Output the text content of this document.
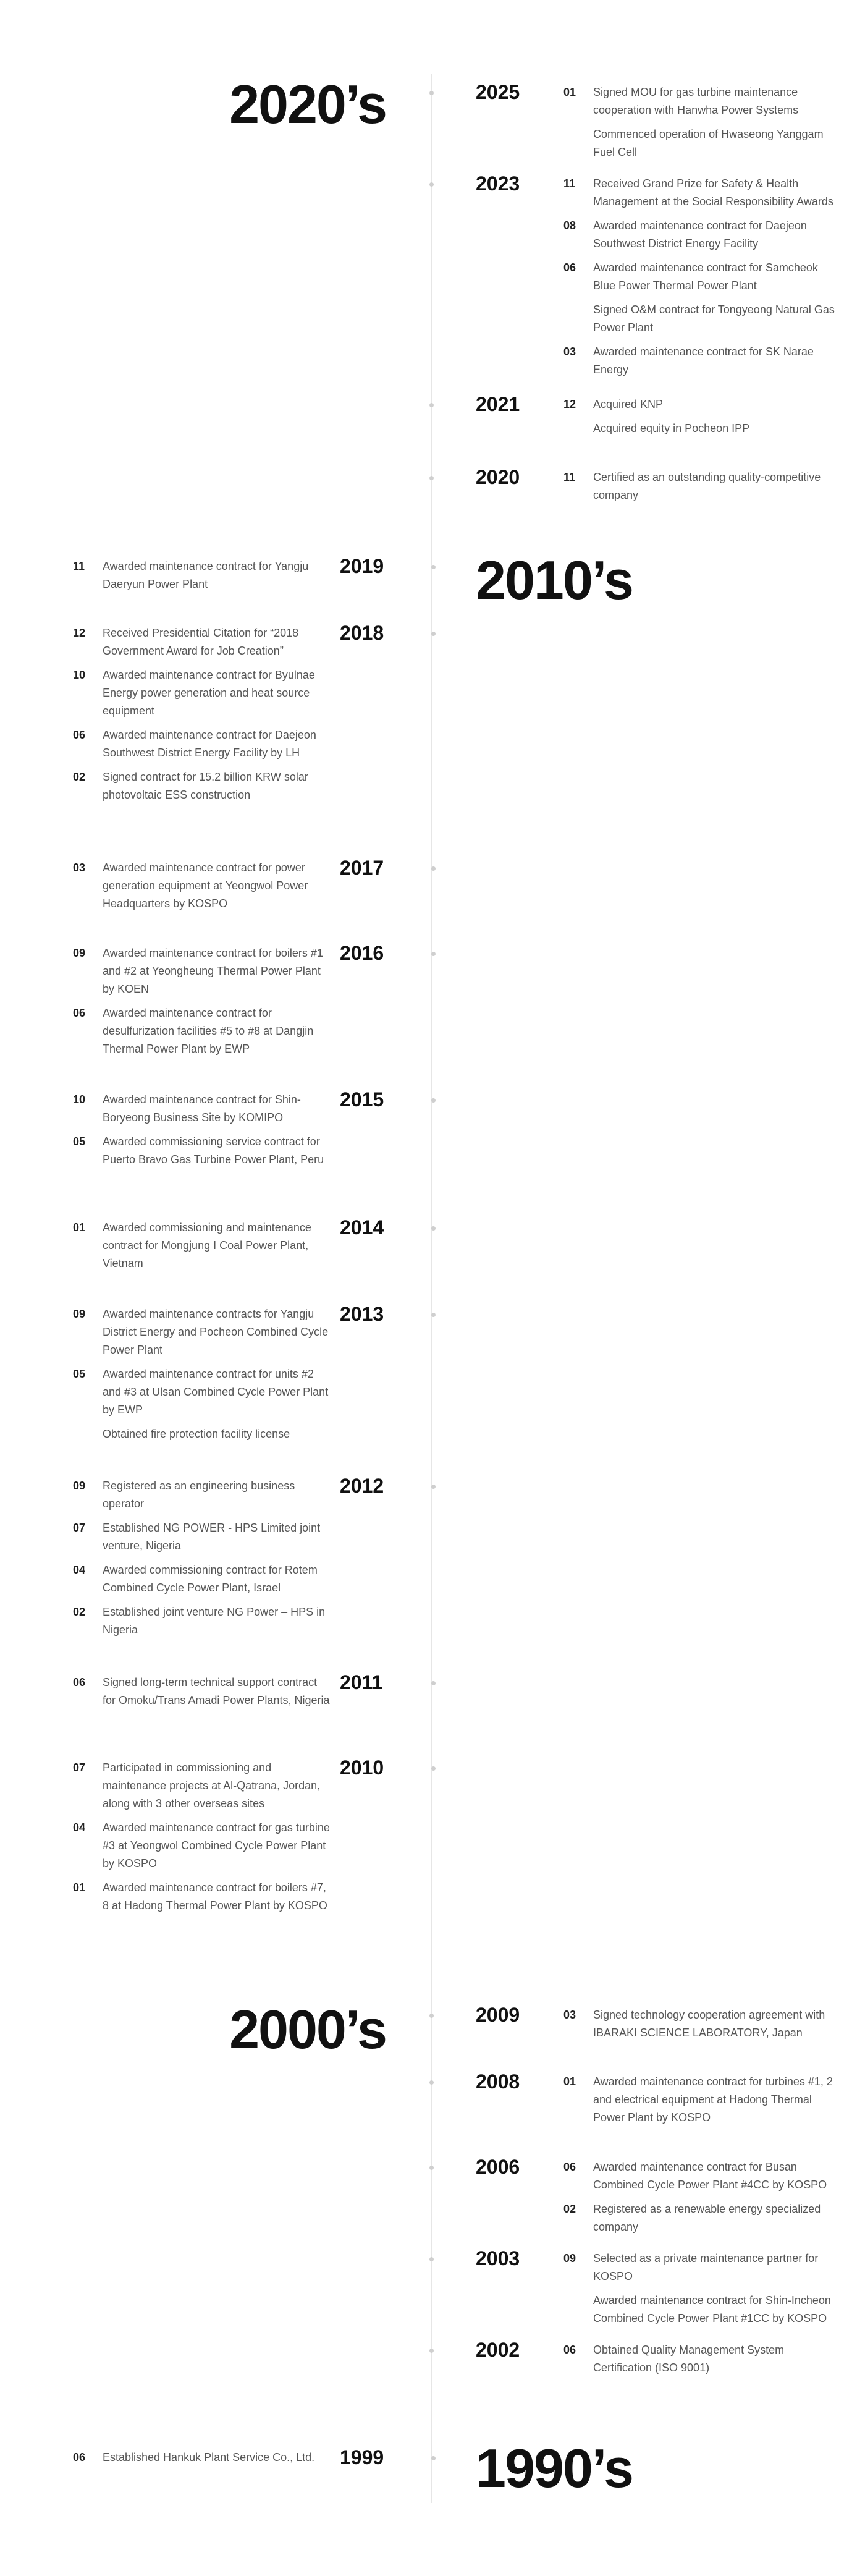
2020’s
2010’s
2000’s
1990’s
2025	01 Signed MOU for gas turbine maintenance cooperation with Hanwha Power Systems
Commenced operation of Hwaseong Yanggam Fuel Cell
2023	11 Received Grand Prize for Safety & Health Management at the Social Responsibility Awards
08 Awarded maintenance contract for Daejeon Southwest District Energy Facility
06 Awarded maintenance contract for Samcheok Blue Power Thermal Power Plant
Signed O&M contract for Tongyeong Natural Gas Power Plant
03 Awarded maintenance contract for SK Narae Energy
2021	12 Acquired KNP
Acquired equity in Pocheon IPP
2020	11 Certified as an outstanding quality-competitive company
2019
11 Awarded maintenance contract for Yangju Daeryun Power Plant
2018
12 Received Presidential Citation for “2018 Government Award for Job Creation”
10 Awarded maintenance contract for Byulnae Energy power generation and heat source equipment
06 Awarded maintenance contract for Daejeon Southwest District Energy Facility by LH
02 Signed contract for 15.2 billion KRW solar photovoltaic ESS construction
2017
03 Awarded maintenance contract for power generation equipment at Yeongwol Power Headquarters by KOSPO
2016
09 Awarded maintenance contract for boilers #1 and #2 at Yeongheung Thermal Power Plant by KOEN
06 Awarded maintenance contract for desulfurization facilities #5 to #8 at Dangjin Thermal Power Plant by EWP
2015
10 Awarded maintenance contract for Shin-Boryeong Business Site by KOMIPO
05 Awarded commissioning service contract for Puerto Bravo Gas Turbine Power Plant, Peru
2014
01 Awarded commissioning and maintenance contract for Mongjung I Coal Power Plant, Vietnam
2013
09 Awarded maintenance contracts for Yangju District Energy and Pocheon Combined Cycle Power Plant
05 Awarded maintenance contract for units #2 and #3 at Ulsan Combined Cycle Power Plant by EWP
Obtained fire protection facility license
2012
09 Registered as an engineering business operator
07 Established NG POWER - HPS Limited joint venture, Nigeria
04 Awarded commissioning contract for Rotem Combined Cycle Power Plant, Israel
02 Established joint venture NG Power – HPS in Nigeria
2011
06 Signed long-term technical support contract for Omoku/Trans Amadi Power Plants, Nigeria
2010
07 Participated in commissioning and maintenance projects at Al-Qatrana, Jordan, along with 3 other overseas sites
04 Awarded maintenance contract for gas turbine #3 at Yeongwol Combined Cycle Power Plant by KOSPO
01 Awarded maintenance contract for boilers #7, 8 at Hadong Thermal Power Plant by KOSPO
2009	03 Signed technology cooperation agreement with IBARAKI SCIENCE LABORATORY, Japan
2008	01 Awarded maintenance contract for turbines #1, 2 and electrical equipment at Hadong Thermal Power Plant by KOSPO
2006	06 Awarded maintenance contract for Busan Combined Cycle Power Plant #4CC by KOSPO
02 Registered as a renewable energy specialized company
2003	09 Selected as a private maintenance partner for KOSPO
Awarded maintenance contract for Shin-Incheon Combined Cycle Power Plant #1CC by KOSPO
2002	06 Obtained Quality Management System Certification (ISO 9001)
1999
06 Established Hankuk Plant Service Co., Ltd.
